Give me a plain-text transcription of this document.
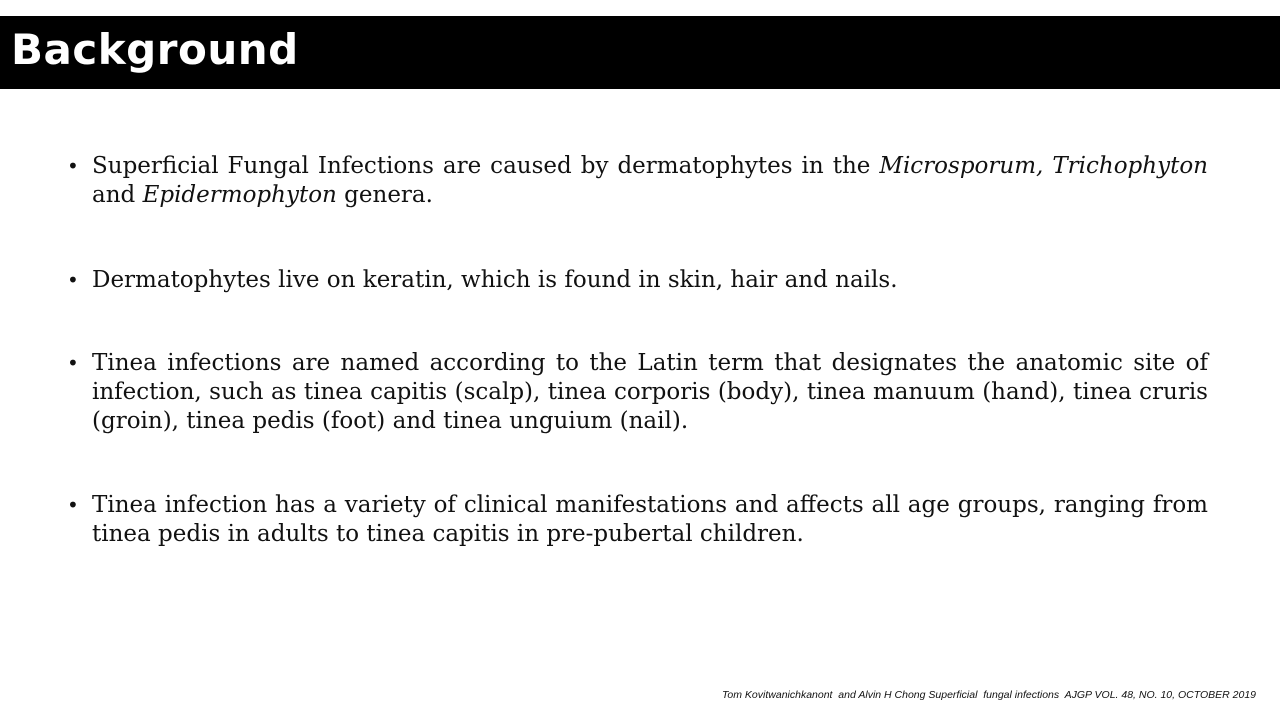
Background
• Superficial Fungal Infections are caused by dermatophytes in the Microsporum, Trichophyton and Epidermophyton genera.
• Dermatophytes live on keratin, which is found in skin, hair and nails.
• Tinea infections are named according to the Latin term that designates the anatomic site of infection, such as tinea capitis (scalp), tinea corporis (body), tinea manuum (hand), tinea cruris (groin), tinea pedis (foot) and tinea unguium (nail).
• Tinea infection has a variety of clinical manifestations and affects all age groups, ranging from tinea pedis in adults to tinea capitis in pre-pubertal children.
Tom Kovitwanichkanont  and Alvin H Chong Superficial  fungal infections  AJGP VOL. 48, NO. 10, OCTOBER 2019
